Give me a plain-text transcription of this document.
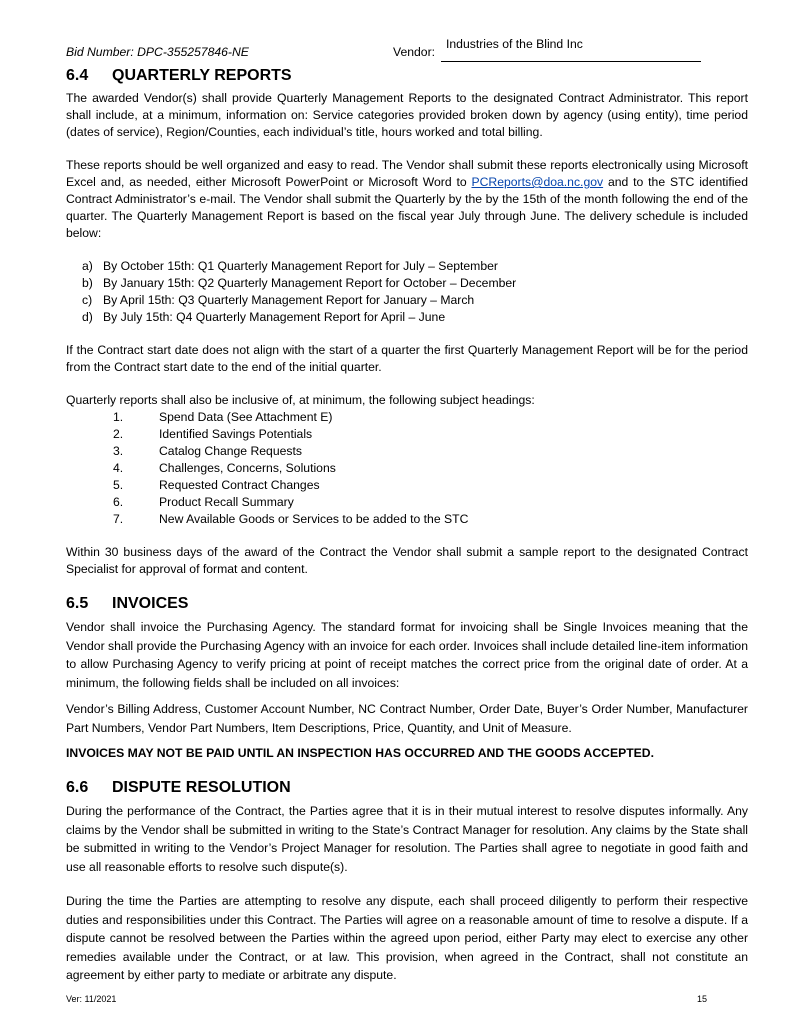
Bid Number: DPC-355257846-NE	Vendor:
Industries of the Blind Inc
6.4	QUARTERLY REPORTS

The awarded Vendor(s) shall provide Quarterly Management Reports to the designated Contract Administrator. This report shall include, at a minimum, information on: Service categories provided broken down by agency (using entity), time period (dates of service), Region/Counties, each individual’s title, hours worked and total billing.

These reports should be well organized and easy to read. The Vendor shall submit these reports electronically using Microsoft Excel and, as needed, either Microsoft PowerPoint or Microsoft Word to PCReports@doa.nc.gov and to the STC identified Contract Administrator’s e-mail. The Vendor shall submit the Quarterly by the by the 15th of the month following the end of the quarter. The Quarterly Management Report is based on the fiscal year July through June. The delivery schedule is included below:

a) By October 15th: Q1 Quarterly Management Report for July – September
b) By January 15th: Q2 Quarterly Management Report for October – December
c) By April 15th: Q3 Quarterly Management Report for January – March
d) By July 15th: Q4 Quarterly Management Report for April – June

If the Contract start date does not align with the start of a quarter the first Quarterly Management Report will be for the period from the Contract start date to the end of the initial quarter.

Quarterly reports shall also be inclusive of, at minimum, the following subject headings:

1.	Spend Data (See Attachment E)
2.	Identified Savings Potentials
3.	Catalog Change Requests
4.	Challenges, Concerns, Solutions
5.	Requested Contract Changes
6.	Product Recall Summary
7.	New Available Goods or Services to be added to the STC

Within 30 business days of the award of the Contract the Vendor shall submit a sample report to the designated Contract Specialist for approval of format and content.

6.5	INVOICES

Vendor shall invoice the Purchasing Agency. The standard format for invoicing shall be Single Invoices meaning that the Vendor shall provide the Purchasing Agency with an invoice for each order. Invoices shall include detailed line-item information to allow Purchasing Agency to verify pricing at point of receipt matches the correct price from the original date of order. At a minimum, the following fields shall be included on all invoices:

Vendor’s Billing Address, Customer Account Number, NC Contract Number, Order Date, Buyer’s Order Number, Manufacturer Part Numbers, Vendor Part Numbers, Item Descriptions, Price, Quantity, and Unit of Measure.

INVOICES MAY NOT BE PAID UNTIL AN INSPECTION HAS OCCURRED AND THE GOODS ACCEPTED.

6.6	DISPUTE RESOLUTION

During the performance of the Contract, the Parties agree that it is in their mutual interest to resolve disputes informally. Any claims by the Vendor shall be submitted in writing to the State’s Contract Manager for resolution. Any claims by the State shall be submitted in writing to the Vendor’s Project Manager for resolution. The Parties shall agree to negotiate in good faith and use all reasonable efforts to resolve such dispute(s).

During the time the Parties are attempting to resolve any dispute, each shall proceed diligently to perform their respective duties and responsibilities under this Contract. The Parties will agree on a reasonable amount of time to resolve a dispute. If a dispute cannot be resolved between the Parties within the agreed upon period, either Party may elect to exercise any other remedies available under the Contract, or at law. This provision, when agreed in the Contract, shall not constitute an agreement by either party to mediate or arbitrate any dispute.

Ver: 11/2021	15
